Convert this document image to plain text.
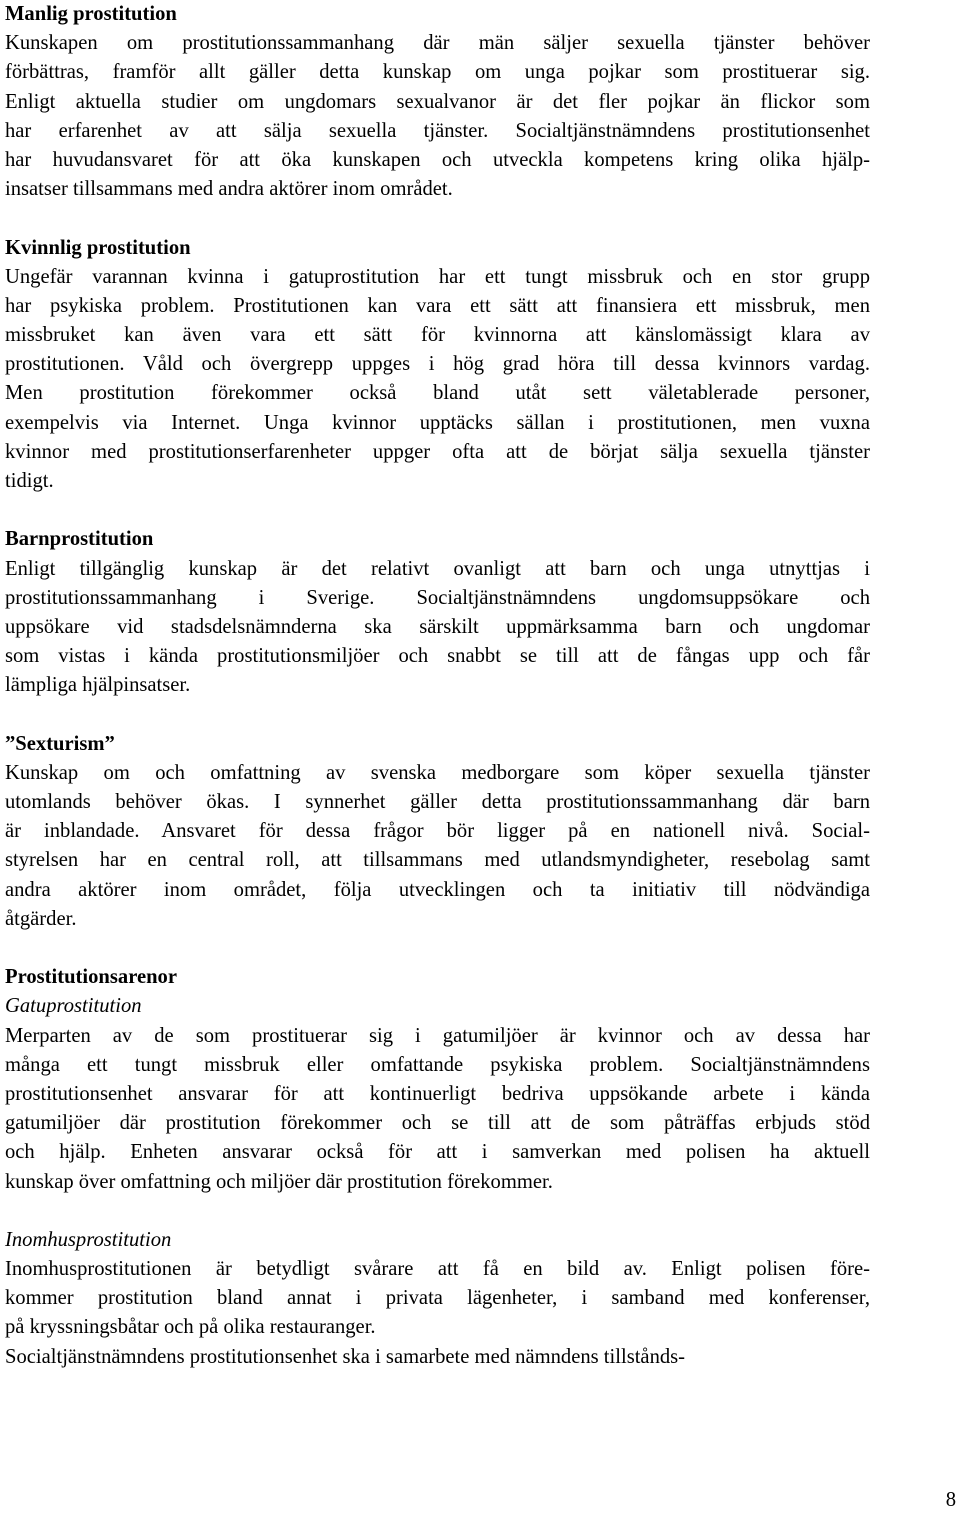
Manlig prostitution
Kunskapen om prostitutionssammanhang där män säljer sexuella tjänster behöver
förbättras, framför allt gäller detta kunskap om unga pojkar som prostituerar sig.
Enligt aktuella studier om ungdomars sexualvanor är det fler pojkar än flickor som
har erfarenhet av att sälja sexuella tjänster. Socialtjänstnämndens prostitutionsenhet
har huvudansvaret för att öka kunskapen och utveckla kompetens kring olika hjälp-
insatser tillsammans med andra aktörer inom området.
Kvinnlig prostitution
Ungefär varannan kvinna i gatuprostitution har ett tungt missbruk och en stor grupp
har psykiska problem. Prostitutionen kan vara ett sätt att finansiera ett missbruk, men
missbruket kan även vara ett sätt för kvinnorna att känslomässigt klara av
prostitutionen. Våld och övergrepp uppges i hög grad höra till dessa kvinnors vardag.
Men prostitution förekommer också bland utåt sett väletablerade personer,
exempelvis via Internet. Unga kvinnor upptäcks sällan i prostitutionen, men vuxna
kvinnor med prostitutionserfarenheter uppger ofta att de börjat sälja sexuella tjänster
tidigt.
Barnprostitution
Enligt tillgänglig kunskap är det relativt ovanligt att barn och unga utnyttjas i
prostitutionssammanhang i Sverige. Socialtjänstnämndens ungdomsuppsökare och
uppsökare vid stadsdelsnämnderna ska särskilt uppmärksamma barn och ungdomar
som vistas i kända prostitutionsmiljöer och snabbt se till att de fångas upp och får
lämpliga hjälpinsatser.
”Sexturism”
Kunskap om och omfattning av svenska medborgare som köper sexuella tjänster
utomlands behöver ökas. I synnerhet gäller detta prostitutionssammanhang där barn
är inblandade. Ansvaret för dessa frågor bör ligger på en nationell nivå. Social-
styrelsen har en central roll, att tillsammans med utlandsmyndigheter, resebolag samt
andra aktörer inom området, följa utvecklingen och ta initiativ till nödvändiga
åtgärder.
Prostitutionsarenor
Gatuprostitution
Merparten av de som prostituerar sig i gatumiljöer är kvinnor och av dessa har
många ett tungt missbruk eller omfattande psykiska problem. Socialtjänstnämndens
prostitutionsenhet ansvarar för att kontinuerligt bedriva uppsökande arbete i kända
gatumiljöer där prostitution förekommer och se till att de som påträffas erbjuds stöd
och hjälp. Enheten ansvarar också för att i samverkan med polisen ha aktuell
kunskap över omfattning och miljöer där prostitution förekommer.
Inomhusprostitution
Inomhusprostitutionen är betydligt svårare att få en bild av. Enligt polisen före-
kommer prostitution bland annat i privata lägenheter, i samband med konferenser,
på kryssningsbåtar och på olika restauranger.
Socialtjänstnämndens prostitutionsenhet ska i samarbete med nämndens tillstånds-
8
